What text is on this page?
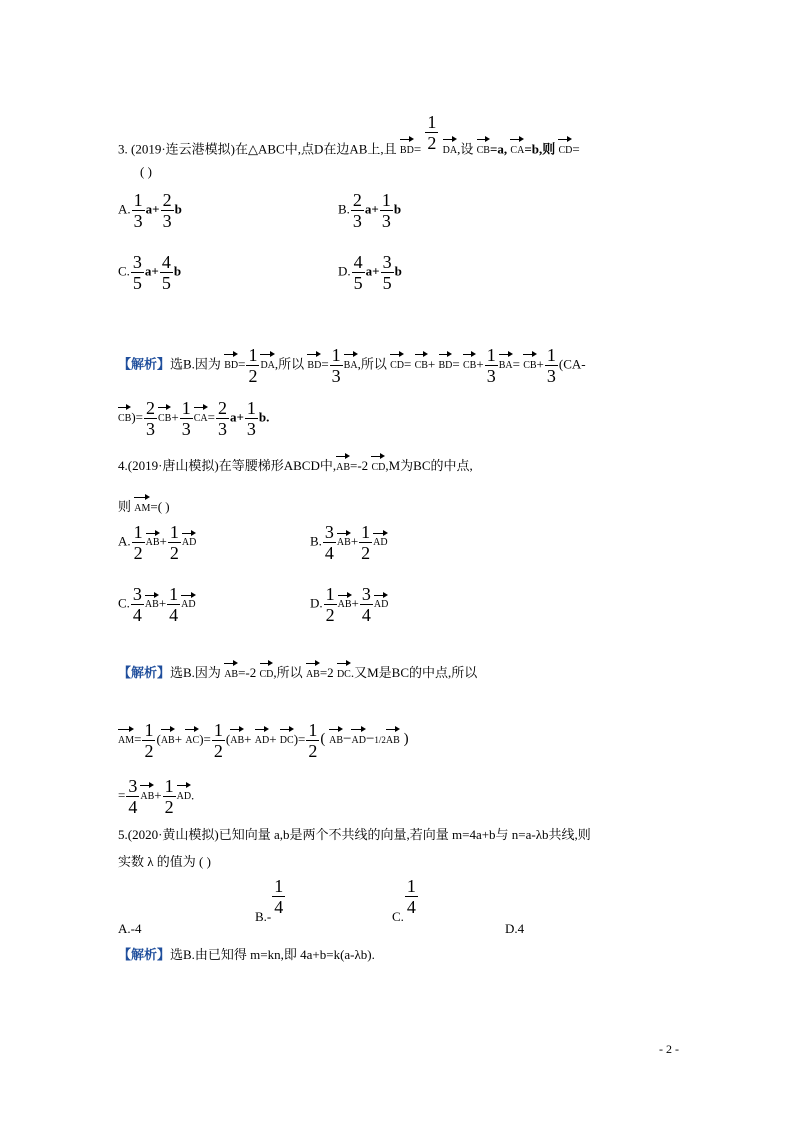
3. (2019·连云港模拟)在△ABC中,点D在边AB上,且 $BD= \frac{1}{2}$ DA,设 CB=a, CA=b,则 CD=
( )
A. $\frac{1}{3} a+ \frac{2}{3}$ b	B. $\frac{2}{3} a+ \frac{1}{3}$ b
C. $\frac{3}{5} a+ \frac{4}{5}$ b	D. $\frac{4}{5} a+ \frac{3}{5}$ b
【解析】选B.因为 $BD= \frac{1}{2}$ DA,所以 $BD= \frac{1}{3}$ BA,所以 $CD= CB+ BD= CB+ \frac{1}{3} BA= CB+ \frac{1}{3} (CA-$
$CB)= \frac{2}{3} CB+ \frac{1}{3} CA= \frac{2}{3} a+ \frac{1}{3} b$.
4.(2019·唐山模拟)在等腰梯形ABCD中,AB=-2 CD,M为BC的中点,
则 AM=( )
A. $\frac{1}{2} AB+ \frac{1}{2}$ AD	B. $\frac{3}{4} AB+ \frac{1}{2}$ AD
C. $\frac{3}{4} AB+ \frac{1}{4}$ AD	D. $\frac{1}{2} AB+ \frac{3}{4}$ AD
【解析】选B.因为 AB=-2 CD,所以 AB=2 DC.又M是BC的中点,所以
$AM= \frac{1}{2} (AB+ AC)= \frac{1}{2} (AB+ AD+ DC)= \frac{1}{2}$ ( AB−AD−1/2AB )
= $\frac{3}{4} AB+ \frac{1}{2}$ AD.
5.(2020·黄山模拟)已知向量 a,b是两个不共线的向量,若向量 m=4a+b与 n=a-λb共线,则
实数 λ 的值为 ( )
A.-4
$B.- \frac{1}{4}$	C. $\frac{1}{4}$
D.4
【解析】选B.由已知得 m=kn,即 4a+b=k(a-λb).
- 2 -
